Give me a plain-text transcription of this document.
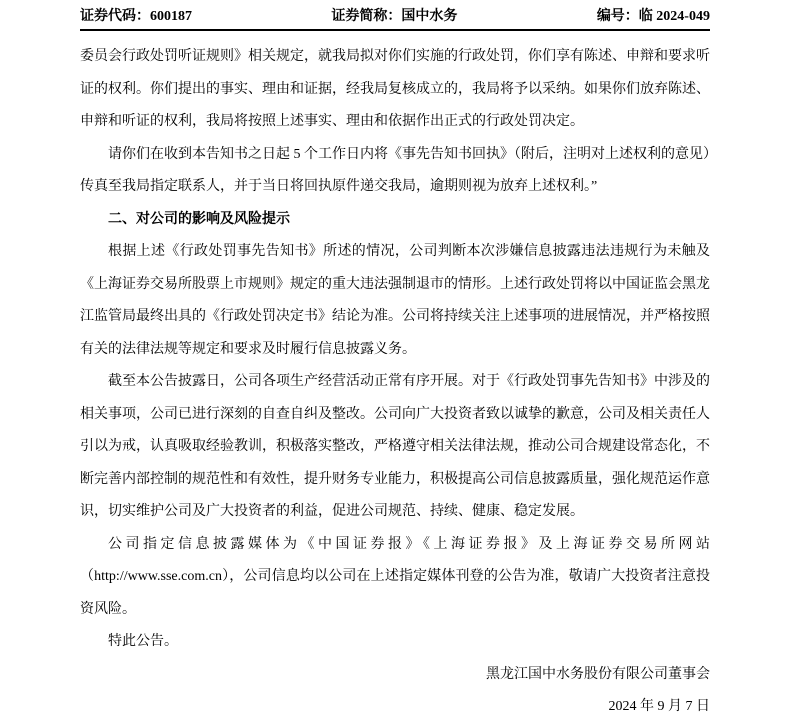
证券代码：600187	证券简称：国中水务	编号：临 2024-049

委员会行政处罚听证规则》相关规定，就我局拟对你们实施的行政处罚，你们享有陈述、申辩和要求听证的权利。你们提出的事实、理由和证据，经我局复核成立的，我局将予以采纳。如果你们放弃陈述、申辩和听证的权利，我局将按照上述事实、理由和依据作出正式的行政处罚决定。

请你们在收到本告知书之日起 5 个工作日内将《事先告知书回执》（附后，注明对上述权利的意见）传真至我局指定联系人，并于当日将回执原件递交我局，逾期则视为放弃上述权利。”

二、对公司的影响及风险提示

根据上述《行政处罚事先告知书》所述的情况，公司判断本次涉嫌信息披露违法违规行为未触及《上海证券交易所股票上市规则》规定的重大违法强制退市的情形。上述行政处罚将以中国证监会黑龙江监管局最终出具的《行政处罚决定书》结论为准。公司将持续关注上述事项的进展情况，并严格按照有关的法律法规等规定和要求及时履行信息披露义务。

截至本公告披露日，公司各项生产经营活动正常有序开展。对于《行政处罚事先告知书》中涉及的相关事项，公司已进行深刻的自查自纠及整改。公司向广大投资者致以诚挚的歉意，公司及相关责任人引以为戒，认真吸取经验教训，积极落实整改，严格遵守相关法律法规，推动公司合规建设常态化，不断完善内部控制的规范性和有效性，提升财务专业能力，积极提高公司信息披露质量，强化规范运作意识，切实维护公司及广大投资者的利益，促进公司规范、持续、健康、稳定发展。

公司指定信息披露媒体为《中国证券报》《上海证券报》及上海证券交易所网站（http://www.sse.com.cn），公司信息均以公司在上述指定媒体刊登的公告为准，敬请广大投资者注意投资风险。

特此公告。

黑龙江国中水务股份有限公司董事会

2024 年 9 月 7 日
